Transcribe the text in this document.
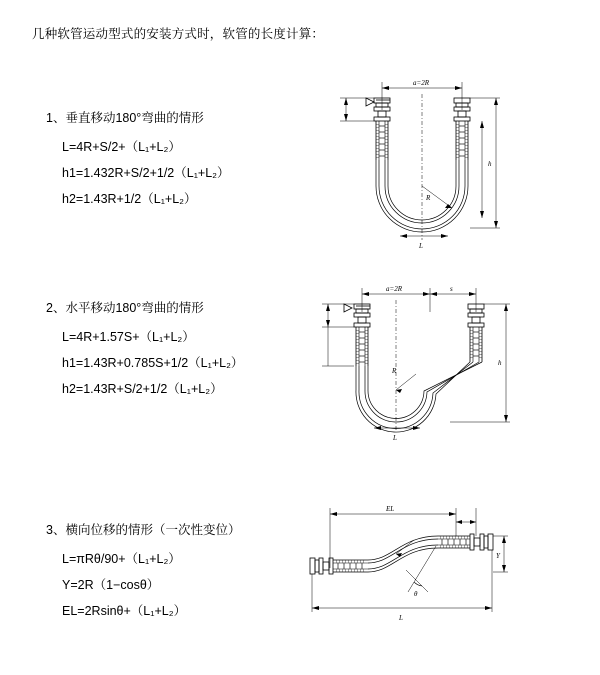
几种软管运动型式的安装方式时，软管的长度计算：
1、垂直移动180°弯曲的情形
L=4R+S/2+（L₁+L₂）
h1=1.432R+S/2+1/2（L₁+L₂）
h2=1.43R+1/2（L₁+L₂）
a=2R
h
R
L
2、水平移动180°弯曲的情形
L=4R+1.57S+（L₁+L₂）
h1=1.43R+0.785S+1/2（L₁+L₂）
h2=1.43R+S/2+1/2（L₁+L₂）
a=2R	s
h
R
L
3、横向位移的情形（一次性变位）
L=πRθ/90+（L₁+L₂）
Y=2R（1−cosθ）
EL=2Rsinθ+（L₁+L₂）
EL
θ
Y
L
